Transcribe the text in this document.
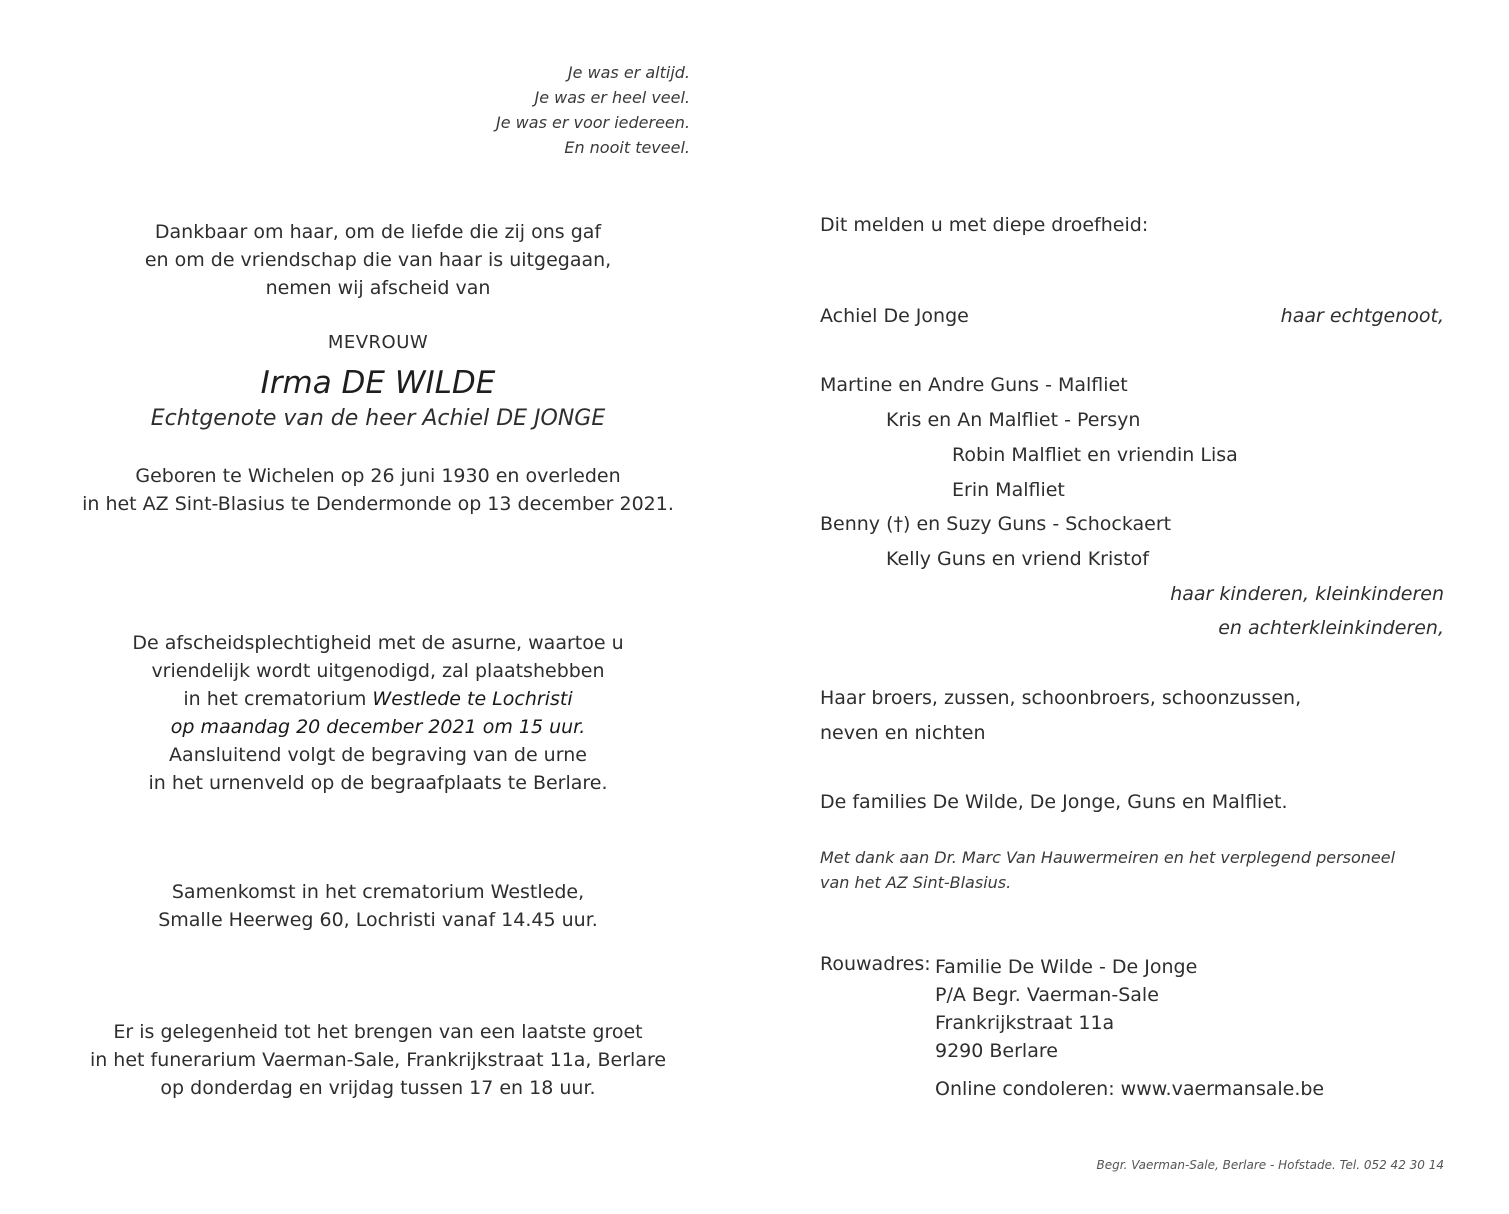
Je was er altijd.
Je was er heel veel.
Je was er voor iedereen.
En nooit teveel.
Dankbaar om haar, om de liefde die zij ons gaf
en om de vriendschap die van haar is uitgegaan,
nemen wij afscheid van
MEVROUW
Irma DE WILDE
Echtgenote van de heer Achiel DE JONGE
Geboren te Wichelen op 26 juni 1930 en overleden
in het AZ Sint-Blasius te Dendermonde op 13 december 2021.
De afscheidsplechtigheid met de asurne, waartoe u
vriendelijk wordt uitgenodigd, zal plaatshebben
in het crematorium Westlede te Lochristi
op maandag 20 december 2021 om 15 uur.
Aansluitend volgt de begraving van de urne
in het urnenveld op de begraafplaats te Berlare.
Samenkomst in het crematorium Westlede,
Smalle Heerweg 60, Lochristi vanaf 14.45 uur.
Er is gelegenheid tot het brengen van een laatste groet
in het funerarium Vaerman-Sale, Frankrijkstraat 11a, Berlare
op donderdag en vrijdag tussen 17 en 18 uur.
Dit melden u met diepe droefheid:
Achiel De Jonge	haar echtgenoot,
Martine en Andre Guns - Malfliet
Kris en An Malfliet - Persyn
Robin Malfliet en vriendin Lisa
Erin Malfliet
Benny (†) en Suzy Guns - Schockaert
Kelly Guns en vriend Kristof
haar kinderen, kleinkinderen
en achterkleinkinderen,
Haar broers, zussen, schoonbroers, schoonzussen,
neven en nichten
De families De Wilde, De Jonge, Guns en Malfliet.
Met dank aan Dr. Marc Van Hauwermeiren en het verplegend personeel
van het AZ Sint-Blasius.
Rouwadres: Familie De Wilde - De Jonge
P/A Begr. Vaerman-Sale
Frankrijkstraat 11a
9290 Berlare
Online condoleren: www.vaermansale.be
Begr. Vaerman-Sale, Berlare - Hofstade. Tel. 052 42 30 14
